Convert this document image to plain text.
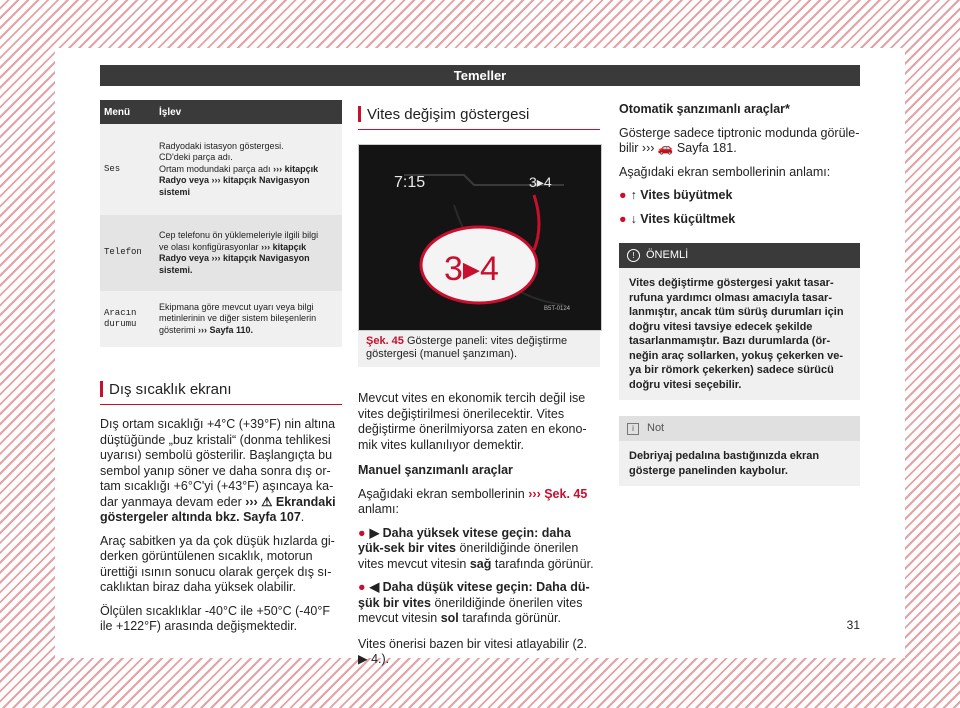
Temeller
Menü	İşlev
Ses	Radyodaki istasyon göstergesi.
CD'deki parça adı.
Ortam modundaki parça adı ››› kitapçık
Radyo veya ››› kitapçık Navigasyon
sistemi
Telefon	Cep telefonu ön yüklemeleriyle ilgili bilgi
ve olası konfigürasyonlar ››› kitapçık
Radyo veya ››› kitapçık Navigasyon
sistemi.
Aracın durumu	Ekipmana göre mevcut uyarı veya bilgi
metinlerinin ve diğer sistem bileşenlerin
gösterimi ››› Sayfa 110.
Dış sıcaklık ekranı

Dış ortam sıcaklığı +4°C (+39°F) nin altına düştüğünde „buz kristali“ (donma tehlikesi uyarısı) sembolü gösterilir. Başlangıçta bu sembol yanıp söner ve daha sonra dış or-tam sıcaklığı +6°C'yi (+43°F) aşıncaya ka-dar yanmaya devam eder ››› ⚠ Ekrandaki göstergeler altında bkz. Sayfa 107.

Araç sabitken ya da çok düşük hızlarda gi-derken görüntülenen sıcaklık, motorun ürettiği ısının sonucu olarak gerçek dış sı-caklıktan biraz daha yüksek olabilir.

Ölçülen sıcaklıklar -40°C ile +50°C (-40°F ile +122°F) arasında değişmektedir.

Vites değişim göstergesi
7:15	3▸4
3▸4
B5T-0124
Şek. 45 Gösterge paneli: vites değiştirme göstergesi (manuel şanzıman).

Mevcut vites en ekonomik tercih değil ise vites değiştirilmesi önerilecektir. Vites değiştirme önerilmiyorsa zaten en ekono-mik vites kullanılıyor demektir.

Manuel şanzımanlı araçlar

Aşağıdaki ekran sembollerinin ››› Şek. 45 anlamı:

● ▶ Daha yüksek vitese geçin: daha yük-sek bir vites önerildiğinde önerilen vites mevcut vitesin sağ tarafında görünür.

● ◀ Daha düşük vitese geçin: Daha dü-şük bir vites önerildiğinde önerilen vites mevcut vitesin sol tarafında görünür.

Vites önerisi bazen bir vitesi atlayabilir (2. ▶ 4.).

Otomatik şanzımanlı araçlar*

Gösterge sadece tiptronic modunda görüle-bilir ››› 🚗 Sayfa 181.

Aşağıdaki ekran sembollerinin anlamı:

● ↑ Vites büyütmek

● ↓ Vites küçültmek

! ÖNEMLİ
Vites değiştirme göstergesi yakıt tasar-rufuna yardımcı olması amacıyla tasar-lanmıştır, ancak tüm sürüş durumları için doğru vitesi tavsiye edecek şekilde tasarlanmamıştır. Bazı durumlarda (ör-neğin araç sollarken, yokuş çekerken ve-ya bir römork çekerken) sadece sürücü doğru vitesi seçebilir.
i Not
Debriyaj pedalına bastığınızda ekran gösterge panelinden kaybolur.
31
